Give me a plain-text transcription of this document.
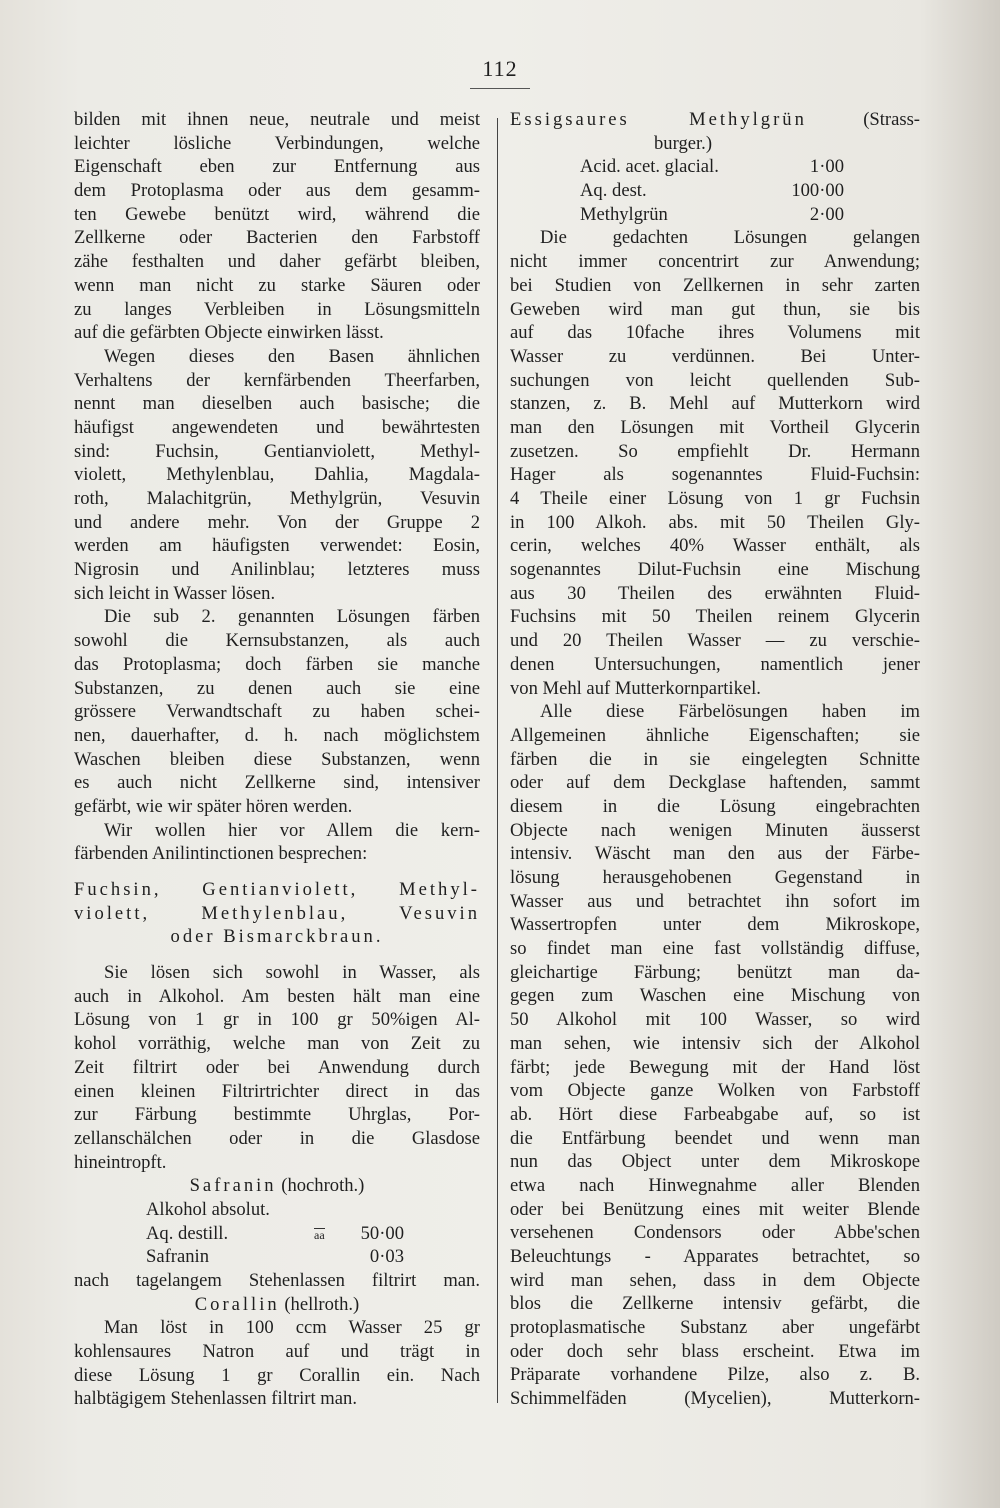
112
bilden mit ihnen neue, neutrale und meist
leichter lösliche Verbindungen, welche
Eigenschaft eben zur Entfernung aus
dem Protoplasma oder aus dem gesamm-
ten Gewebe benützt wird, während die
Zellkerne oder Bacterien den Farbstoff
zähe festhalten und daher gefärbt bleiben,
wenn man nicht zu starke Säuren oder
zu langes Verbleiben in Lösungsmitteln
auf die gefärbten Objecte einwirken lässt.
Wegen dieses den Basen ähnlichen
Verhaltens der kernfärbenden Theerfarben,
nennt man dieselben auch basische; die
häufigst angewendeten und bewährtesten
sind: Fuchsin, Gentianviolett, Methyl-
violett, Methylenblau, Dahlia, Magdala-
roth, Malachitgrün, Methylgrün, Vesuvin
und andere mehr. Von der Gruppe 2
werden am häufigsten verwendet: Eosin,
Nigrosin und Anilinblau; letzteres muss
sich leicht in Wasser lösen.
Die sub 2. genannten Lösungen färben
sowohl die Kernsubstanzen, als auch
das Protoplasma; doch färben sie manche
Substanzen, zu denen auch sie eine
grössere Verwandtschaft zu haben schei-
nen, dauerhafter, d. h. nach möglichstem
Waschen bleiben diese Substanzen, wenn
es auch nicht Zellkerne sind, intensiver
gefärbt, wie wir später hören werden.
Wir wollen hier vor Allem die kern-
färbenden Anilintinctionen besprechen:
Fuchsin, Gentianviolett, Methyl-
violett, Methylenblau, Vesuvin
oder Bismarckbraun.
Sie lösen sich sowohl in Wasser, als
auch in Alkohol. Am besten hält man eine
Lösung von 1 gr in 100 gr 50%igen Al-
kohol vorräthig, welche man von Zeit zu
Zeit filtrirt oder bei Anwendung durch
einen kleinen Filtrirtrichter direct in das
zur Färbung bestimmte Uhrglas, Por-
zellanschälchen oder in die Glasdose
hineintropft.
Safranin (hochroth.)
Alkohol absolut.
Aq. destill.	aa	50·00
Safranin	0·03
nach tagelangem Stehenlassen filtrirt man.
Corallin (hellroth.)
Man löst in 100 ccm Wasser 25 gr
kohlensaures Natron auf und trägt in
diese Lösung 1 gr Corallin ein. Nach
halbtägigem Stehenlassen filtrirt man.
Essigsaures Methylgrün	(Strass-
burger.)
Acid. acet. glacial.	1·00
Aq. dest.	100·00
Methylgrün	2·00
Die gedachten Lösungen gelangen
nicht immer concentrirt zur Anwendung;
bei Studien von Zellkernen in sehr zarten
Geweben wird man gut thun, sie bis
auf das 10fache ihres Volumens mit
Wasser zu verdünnen. Bei Unter-
suchungen von leicht quellenden Sub-
stanzen, z. B. Mehl auf Mutterkorn wird
man den Lösungen mit Vortheil Glycerin
zusetzen. So empfiehlt Dr. Hermann
Hager als sogenanntes Fluid-Fuchsin:
4 Theile einer Lösung von 1 gr Fuchsin
in 100 Alkoh. abs. mit 50 Theilen Gly-
cerin, welches 40% Wasser enthält, als
sogenanntes Dilut-Fuchsin eine Mischung
aus 30 Theilen des erwähnten Fluid-
Fuchsins mit 50 Theilen reinem Glycerin
und 20 Theilen Wasser — zu verschie-
denen Untersuchungen, namentlich jener
von Mehl auf Mutterkornpartikel.
Alle diese Färbelösungen haben im
Allgemeinen ähnliche Eigenschaften; sie
färben die in sie eingelegten Schnitte
oder auf dem Deckglase haftenden, sammt
diesem in die Lösung eingebrachten
Objecte nach wenigen Minuten äusserst
intensiv. Wäscht man den aus der Färbe-
lösung herausgehobenen Gegenstand in
Wasser aus und betrachtet ihn sofort im
Wassertropfen unter dem Mikroskope,
so findet man eine fast vollständig diffuse,
gleichartige Färbung; benützt man da-
gegen zum Waschen eine Mischung von
50 Alkohol mit 100 Wasser, so wird
man sehen, wie intensiv sich der Alkohol
färbt; jede Bewegung mit der Hand löst
vom Objecte ganze Wolken von Farbstoff
ab. Hört diese Farbeabgabe auf, so ist
die Entfärbung beendet und wenn man
nun das Object unter dem Mikroskope
etwa nach Hinwegnahme aller Blenden
oder bei Benützung eines mit weiter Blende
versehenen Condensors oder Abbe'schen
Beleuchtungs - Apparates betrachtet, so
wird man sehen, dass in dem Objecte
blos die Zellkerne intensiv gefärbt, die
protoplasmatische Substanz aber ungefärbt
oder doch sehr blass erscheint. Etwa im
Präparate vorhandene Pilze, also z. B.
Schimmelfäden (Mycelien), Mutterkorn-
